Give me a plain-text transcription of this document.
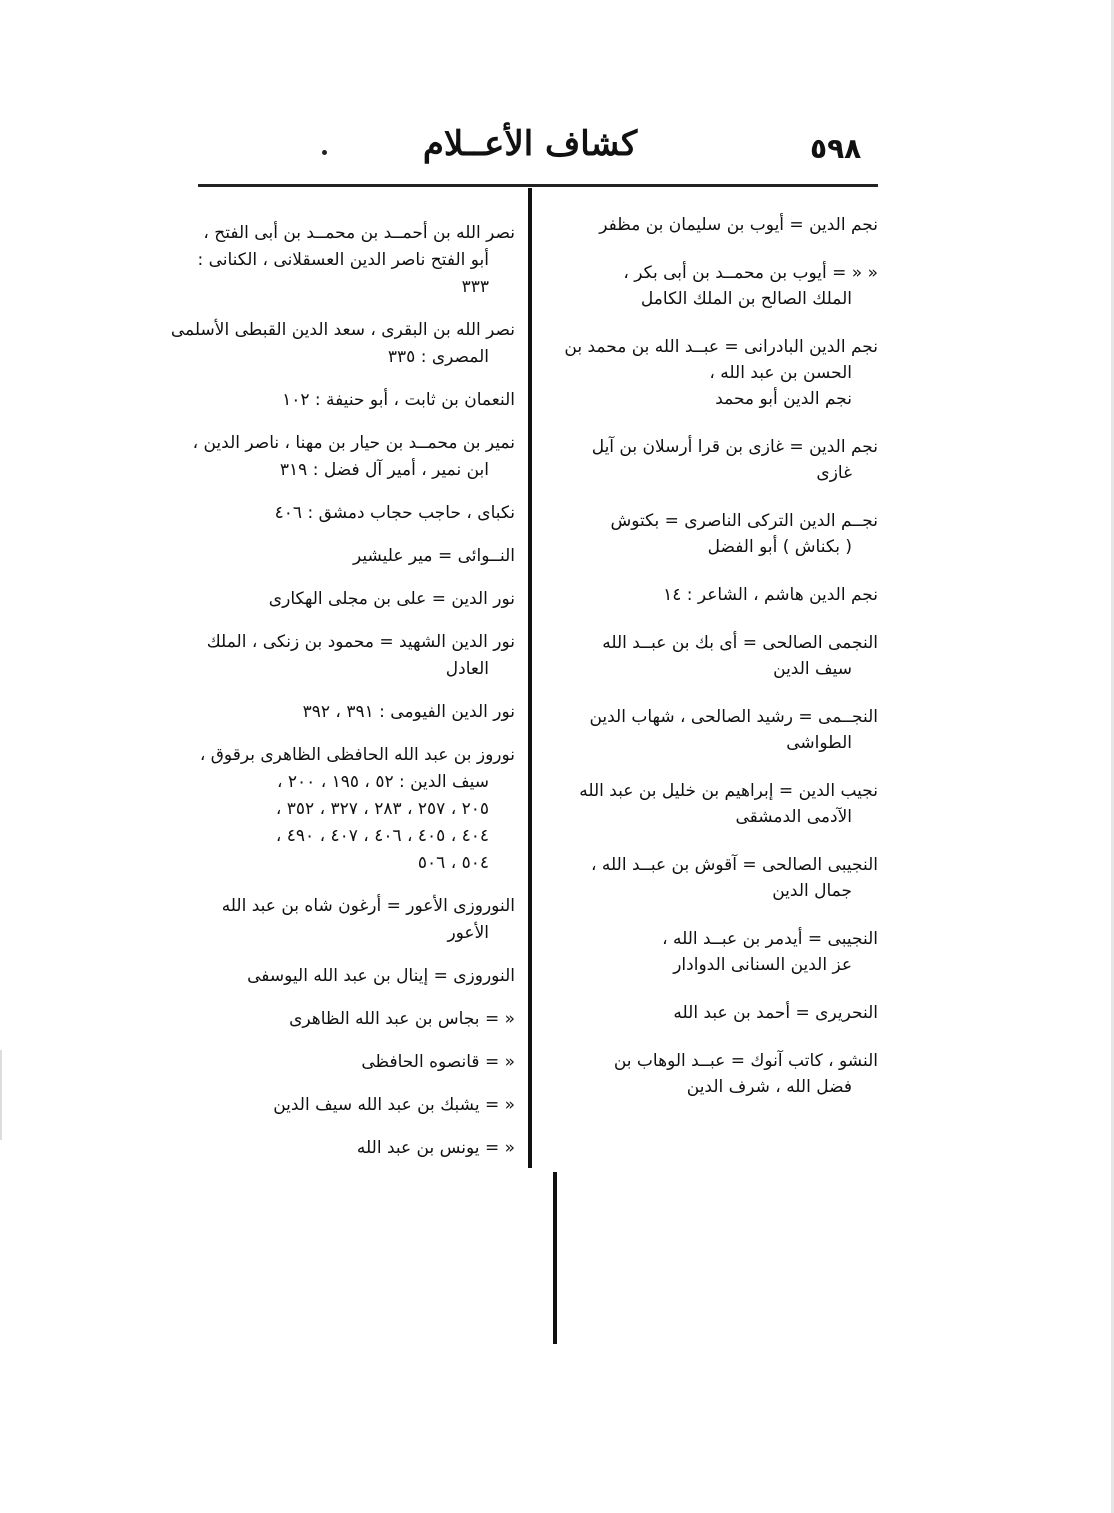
٥٩٨
كشاف الأعــلام
نجم الدين = أيوب بن سليمان بن مظفر
« « = أيوب بن محمــد بن أبى بكر ،
الملك الصالح بن الملك الكامل
نجم الدين البادرانى = عبــد الله بن محمد بن
الحسن بن عبد الله ،
نجم الدين أبو محمد
نجم الدين = غازى بن قرا أرسلان بن آيل
غازى
نجــم الدين التركى الناصرى = بكتوش
( بكناش ) أبو الفضل
نجم الدين هاشم ، الشاعر : ١٤
النجمى الصالحى = أى بك بن عبــد الله
سيف الدين
النجــمى = رشيد الصالحى ، شهاب الدين
الطواشى
نجيب الدين = إبراهيم بن خليل بن عبد الله
الآدمى الدمشقى
النجيبى الصالحى = آقوش بن عبــد الله ،
جمال الدين
النجيبى = أيدمر بن عبــد الله ،
عز الدين السنانى الدوادار
النحريرى = أحمد بن عبد الله
النشو ، كاتب آنوك = عبــد الوهاب بن
فضل الله ، شرف الدين
نصر الله بن أحمــد بن محمــد بن أبى الفتح ،
أبو الفتح ناصر الدين العسقلانى ، الكنانى :
٣٣٣
نصر الله بن البقرى ، سعد الدين القبطى الأسلمى
المصرى : ٣٣٥
النعمان بن ثابت ، أبو حنيفة : ١٠٢
نمير بن محمــد بن حيار بن مهنا ، ناصر الدين ،
ابن نمير ، أمير آل فضل : ٣١٩
نكباى ، حاجب حجاب دمشق : ٤٠٦
النــوائى = مير عليشير
نور الدين = على بن مجلى الهكارى
نور الدين الشهيد = محمود بن زنكى ، الملك
العادل
نور الدين الفيومى : ٣٩١ ، ٣٩٢
نوروز بن عبد الله الحافظى الظاهرى برقوق ،
سيف الدين : ٥٢ ، ١٩٥ ، ٢٠٠ ،
٢٠٥ ، ٢٥٧ ، ٢٨٣ ، ٣٢٧ ، ٣٥٢ ،
٤٠٤ ، ٤٠٥ ، ٤٠٦ ، ٤٠٧ ، ٤٩٠ ،
٥٠٤ ، ٥٠٦
النوروزى الأعور = أرغون شاه بن عبد الله
الأعور
النوروزى = إينال بن عبد الله اليوسفى
« = بجاس بن عبد الله الظاهرى
« = قانصوه الحافظى
« = يشبك بن عبد الله سيف الدين
« = يونس بن عبد الله
